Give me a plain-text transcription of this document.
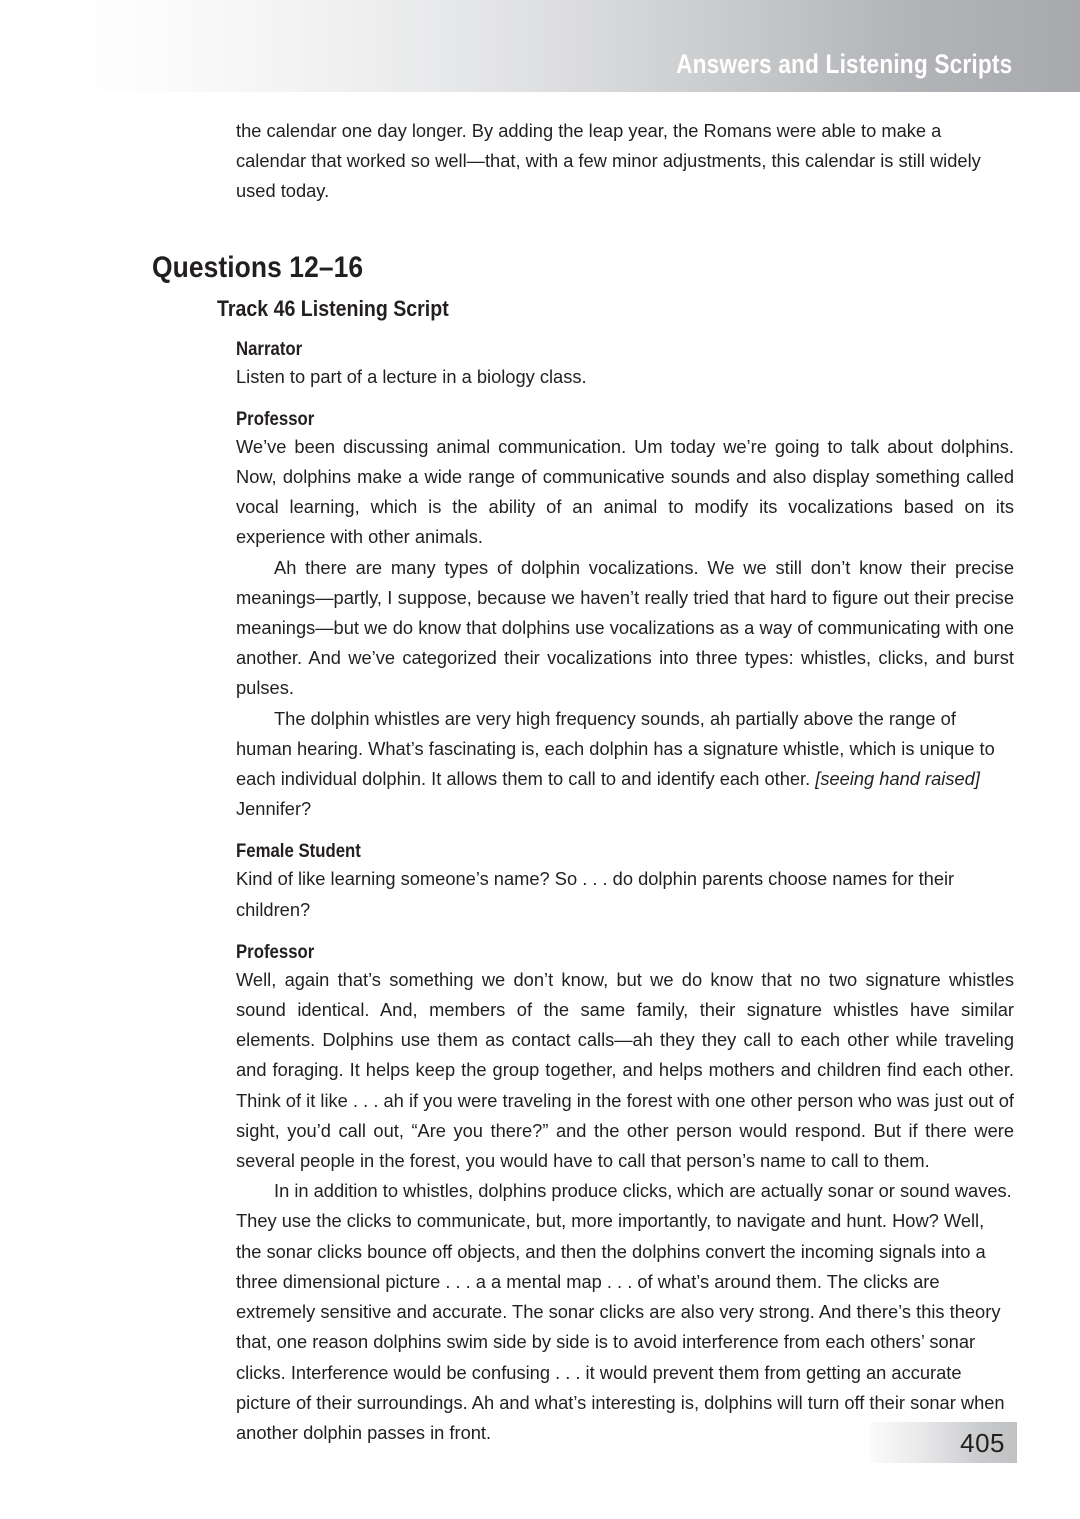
Answers and Listening Scripts

the calendar one day longer. By adding the leap year, the Romans were able to make a calendar that worked so well—that, with a few minor adjustments, this calendar is still widely used today.

Questions 12–16
Track 46 Listening Script
Narrator

Listen to part of a lecture in a biology class.

Professor

We’ve been discussing animal communication. Um today we’re going to talk about dolphins. Now, dolphins make a wide range of communicative sounds and also display something called vocal learning, which is the ability of an animal to modify its vocalizations based on its experience with other animals.

Ah there are many types of dolphin vocalizations. We we still don’t know their precise meanings—partly, I suppose, because we haven’t really tried that hard to figure out their precise meanings—but we do know that dolphins use vocalizations as a way of communicating with one another. And we’ve categorized their vocalizations into three types: whistles, clicks, and burst pulses.

The dolphin whistles are very high frequency sounds, ah partially above the range of human hearing. What’s fascinating is, each dolphin has a signature whistle, which is unique to each individual dolphin. It allows them to call to and identify each other. [seeing hand raised] Jennifer?

Female Student

Kind of like learning someone’s name? So . . . do dolphin parents choose names for their children?

Professor

Well, again that’s something we don’t know, but we do know that no two signature whistles sound identical. And, members of the same family, their signature whistles have similar elements. Dolphins use them as contact calls—ah they they call to each other while traveling and foraging. It helps keep the group together, and helps mothers and children find each other. Think of it like . . . ah if you were traveling in the forest with one other person who was just out of sight, you’d call out, “Are you there?” and the other person would respond. But if there were several people in the forest, you would have to call that person’s name to call to them.

In in addition to whistles, dolphins produce clicks, which are actually sonar or sound waves. They use the clicks to communicate, but, more importantly, to navigate and hunt. How? Well, the sonar clicks bounce off objects, and then the dolphins convert the incoming signals into a three dimensional picture . . . a a mental map . . . of what’s around them. The clicks are extremely sensitive and accurate. The sonar clicks are also very strong. And there’s this theory that, one reason dolphins swim side by side is to avoid interference from each others’ sonar clicks. Interference would be confusing . . . it would prevent them from getting an accurate picture of their surroundings. Ah and what’s interesting is, dolphins will turn off their sonar when another dolphin passes in front.	405
